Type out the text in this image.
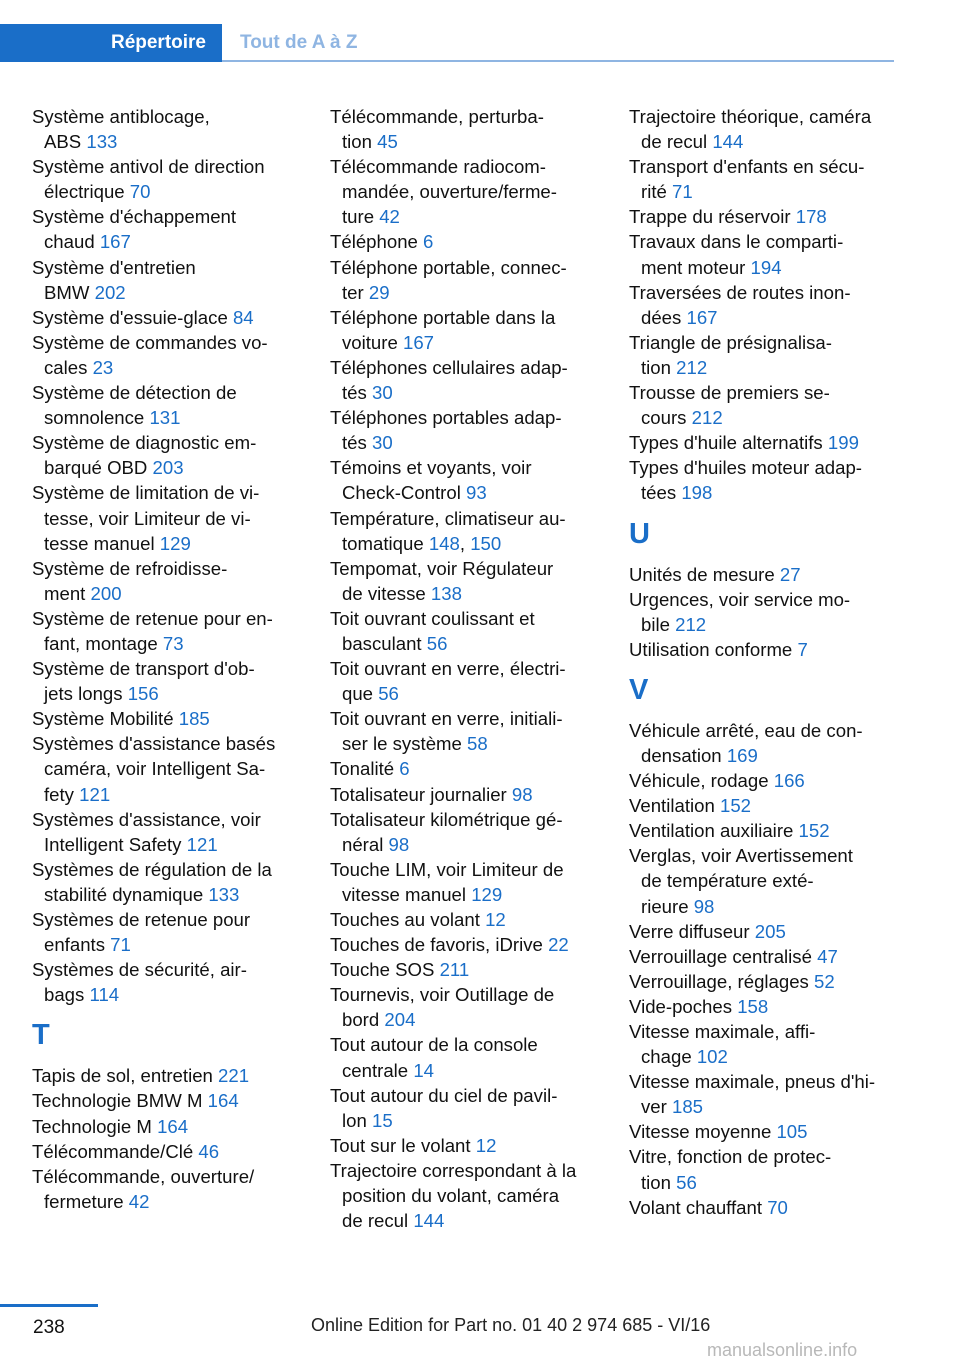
Répertoire	Tout de A à Z
Système antiblocage,
ABS 133
Système antivol de direction
électrique 70
Système d'échappement
chaud 167
Système d'entretien
BMW 202
Système d'essuie-glace 84
Système de commandes vo-
cales 23
Système de détection de
somnolence 131
Système de diagnostic em-
barqué OBD 203
Système de limitation de vi-
tesse, voir Limiteur de vi-
tesse manuel 129
Système de refroidisse-
ment 200
Système de retenue pour en-
fant, montage 73
Système de transport d'ob-
jets longs 156
Système Mobilité 185
Systèmes d'assistance basés
caméra, voir Intelligent Sa-
fety 121
Systèmes d'assistance, voir
Intelligent Safety 121
Systèmes de régulation de la
stabilité dynamique 133
Systèmes de retenue pour
enfants 71
Systèmes de sécurité, air-
bags 114
T
Tapis de sol, entretien 221
Technologie BMW M 164
Technologie M 164
Télécommande/Clé 46
Télécommande, ouverture/
fermeture 42
Télécommande, perturba-
tion 45
Télécommande radiocom-
mandée, ouverture/ferme-
ture 42
Téléphone 6
Téléphone portable, connec-
ter 29
Téléphone portable dans la
voiture 167
Téléphones cellulaires adap-
tés 30
Téléphones portables adap-
tés 30
Témoins et voyants, voir
Check-Control 93
Température, climatiseur au-
tomatique 148, 150
Tempomat, voir Régulateur
de vitesse 138
Toit ouvrant coulissant et
basculant 56
Toit ouvrant en verre, électri-
que 56
Toit ouvrant en verre, initiali-
ser le système 58
Tonalité 6
Totalisateur journalier 98
Totalisateur kilométrique gé-
néral 98
Touche LIM, voir Limiteur de
vitesse manuel 129
Touches au volant 12
Touches de favoris, iDrive 22
Touche SOS 211
Tournevis, voir Outillage de
bord 204
Tout autour de la console
centrale 14
Tout autour du ciel de pavil-
lon 15
Tout sur le volant 12
Trajectoire correspondant à la
position du volant, caméra
de recul 144
Trajectoire théorique, caméra
de recul 144
Transport d'enfants en sécu-
rité 71
Trappe du réservoir 178
Travaux dans le comparti-
ment moteur 194
Traversées de routes inon-
dées 167
Triangle de présignalisa-
tion 212
Trousse de premiers se-
cours 212
Types d'huile alternatifs 199
Types d'huiles moteur adap-
tées 198
U
Unités de mesure 27
Urgences, voir service mo-
bile 212
Utilisation conforme 7
V
Véhicule arrêté, eau de con-
densation 169
Véhicule, rodage 166
Ventilation 152
Ventilation auxiliaire 152
Verglas, voir Avertissement
de température exté-
rieure 98
Verre diffuseur 205
Verrouillage centralisé 47
Verrouillage, réglages 52
Vide-poches 158
Vitesse maximale, affi-
chage 102
Vitesse maximale, pneus d'hi-
ver 185
Vitesse moyenne 105
Vitre, fonction de protec-
tion 56
Volant chauffant 70
238	Online Edition for Part no. 01 40 2 974 685 - VI/16
manualsonline.info
